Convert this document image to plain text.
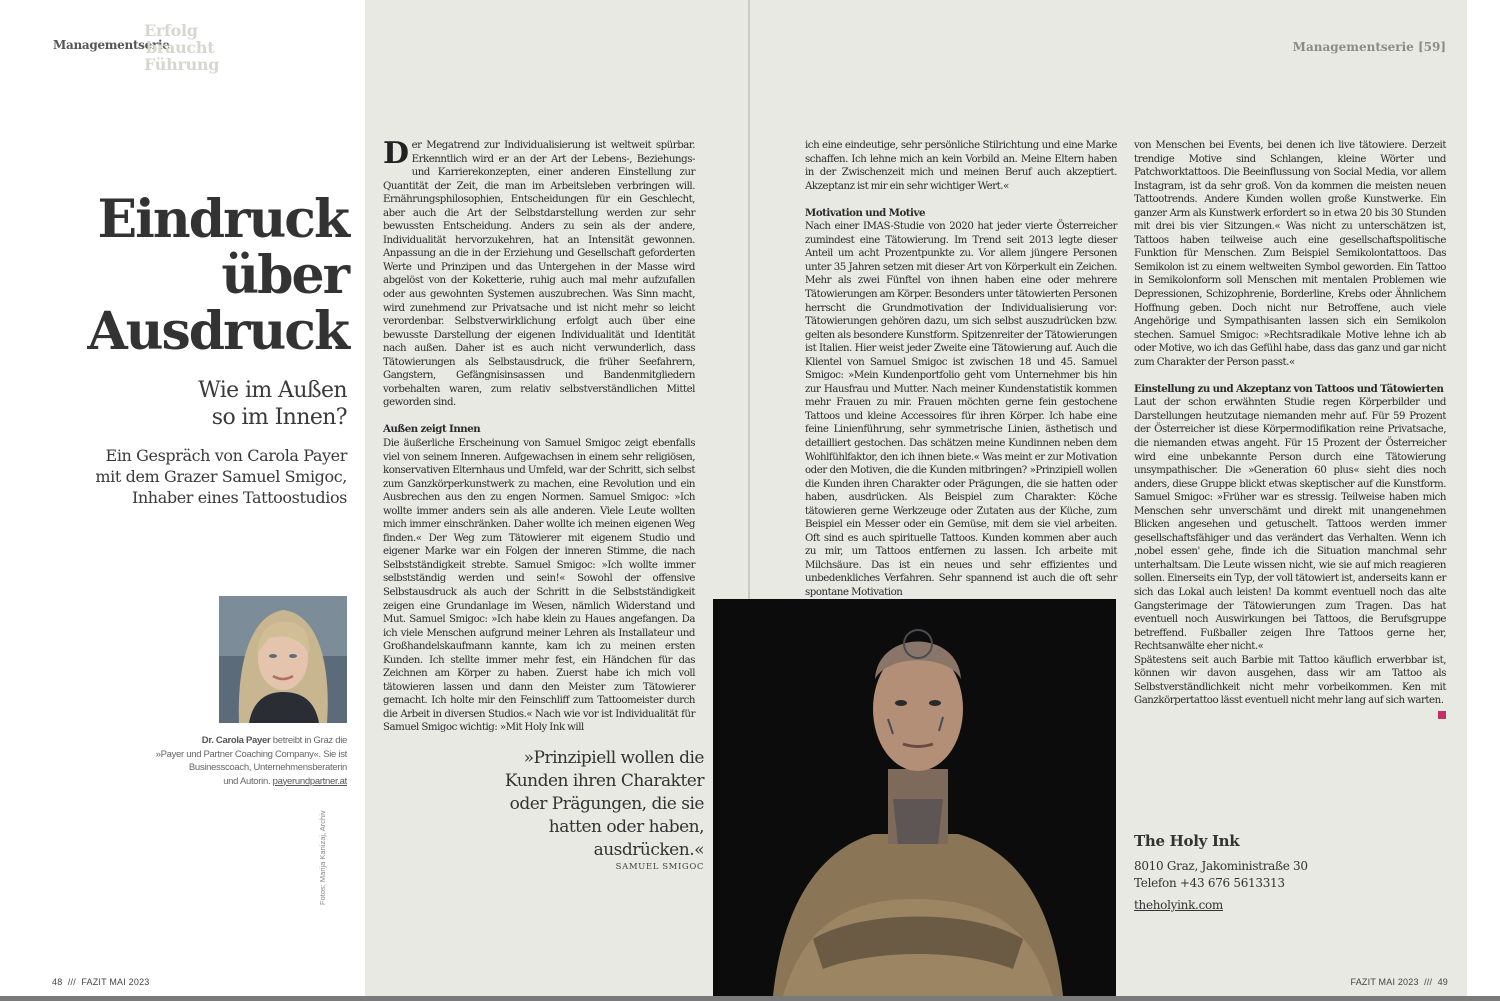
Managementserie
Erfolg
braucht
Führung
Managementserie [59]
Eindruck
über
Ausdruck
Wie im Außen
so im Innen?
Ein Gespräch von Carola Payer
mit dem Grazer Samuel Smigoc,
Inhaber eines Tattoostudios
Dr. Carola Payer betreibt in Graz die
»Payer und Partner Coaching Company«. Sie ist
Businesscoach, Unternehmensberaterin
und Autorin. payerundpartner.at
Fotos: Marija Kanizaj, Archiv

Der Megatrend zur Individualisierung ist weltweit spürbar. Erkenntlich wird er an der Art der Lebens-, Beziehungs- und Karrierekonzepten, einer anderen Einstellung zur Quantität der Zeit, die man im Arbeitsleben verbringen will. Ernährungsphilosophien, Entscheidungen für ein Geschlecht, aber auch die Art der Selbstdarstellung werden zur sehr bewussten Entscheidung. Anders zu sein als der andere, Individualität hervorzukehren, hat an Intensität gewonnen. Anpassung an die in der Erziehung und Gesellschaft geforderten Werte und Prinzipen und das Untergehen in der Masse wird abgelöst von der Koketterie, ruhig auch mal mehr aufzufallen oder aus gewohnten Systemen auszubrechen. Was Sinn macht, wird zunehmend zur Privatsache und ist nicht mehr so leicht verordenbar. Selbstverwirklichung erfolgt auch über eine bewusste Darstellung der eigenen Individualität und Identität nach außen. Daher ist es auch nicht verwunderlich, dass Tätowierungen als Selbstausdruck, die früher Seefahrern, Gangstern, Gefängnisinsassen und Bandenmitgliedern vorbehalten waren, zum relativ selbstverständlichen Mittel geworden sind.

Außen zeigt Innen

Die äußerliche Erscheinung von Samuel Smigoc zeigt ebenfalls viel von seinem Inneren. Aufgewachsen in einem sehr religiösen, konservativen Elternhaus und Umfeld, war der Schritt, sich selbst zum Ganzkörperkunstwerk zu machen, eine Revolution und ein Ausbrechen aus den zu engen Normen. Samuel Smigoc: »Ich wollte immer anders sein als alle anderen. Viele Leute wollten mich immer einschränken. Daher wollte ich meinen eigenen Weg finden.« Der Weg zum Tätowierer mit eigenem Studio und eigener Marke war ein Folgen der inneren Stimme, die nach Selbstständigkeit strebte. Samuel Smigoc: »Ich wollte immer selbstständig werden und sein!« Sowohl der offensive Selbstausdruck als auch der Schritt in die Selbstständigkeit zeigen eine Grundanlage im Wesen, nämlich Widerstand und Mut. Samuel Smigoc: »Ich habe klein zu Haues angefangen. Da ich viele Menschen aufgrund meiner Lehren als Installateur und Großhandelskaufmann kannte, kam ich zu meinen ersten Kunden. Ich stellte immer mehr fest, ein Händchen für das Zeichnen am Körper zu haben. Zuerst habe ich mich voll tätowieren lassen und dann den Meister zum Tätowierer gemacht. Ich holte mir den Feinschliff zum Tattoomeister durch die Arbeit in diversen Studios.« Nach wie vor ist Individualität für Samuel Smigoc wichtig: »Mit Holy Ink will

ich eine eindeutige, sehr persönliche Stilrichtung und eine Marke schaffen. Ich lehne mich an kein Vorbild an. Meine Eltern haben in der Zwischenzeit mich und meinen Beruf auch akzeptiert. Akzeptanz ist mir ein sehr wichtiger Wert.«

Motivation und Motive

Nach einer IMAS-Studie von 2020 hat jeder vierte Österreicher zumindest eine Tätowierung. Im Trend seit 2013 legte dieser Anteil um acht Prozentpunkte zu. Vor allem jüngere Personen unter 35 Jahren setzen mit dieser Art von Körperkult ein Zeichen. Mehr als zwei Fünftel von ihnen haben eine oder mehrere Tätowierungen am Körper. Besonders unter tätowierten Personen herrscht die Grundmotivation der Individualisierung vor: Tätowierungen gehören dazu, um sich selbst auszudrücken bzw. gelten als besondere Kunstform. Spitzenreiter der Tätowierungen ist Italien. Hier weist jeder Zweite eine Tätowierung auf. Auch die Klientel von Samuel Smigoc ist zwischen 18 und 45. Samuel Smigoc: »Mein Kundenportfolio geht vom Unternehmer bis hin zur Hausfrau und Mutter. Nach meiner Kundenstatistik kommen mehr Frauen zu mir. Frauen möchten gerne fein gestochene Tattoos und kleine Accessoires für ihren Körper. Ich habe eine feine Linienführung, sehr symmetrische Linien, ästhetisch und detailliert gestochen. Das schätzen meine Kundinnen neben dem Wohlfühlfaktor, den ich ihnen biete.« Was meint er zur Motivation oder den Motiven, die die Kunden mitbringen? »Prinzipiell wollen die Kunden ihren Charakter oder Prägungen, die sie hatten oder haben, ausdrücken. Als Beispiel zum Charakter: Köche tätowieren gerne Werkzeuge oder Zutaten aus der Küche, zum Beispiel ein Messer oder ein Gemüse, mit dem sie viel arbeiten. Oft sind es auch spirituelle Tattoos. Kunden kommen aber auch zu mir, um Tattoos entfernen zu lassen. Ich arbeite mit Milchsäure. Das ist ein neues und sehr effizientes und unbedenkliches Verfahren. Sehr spannend ist auch die oft sehr spontane Motivation

von Menschen bei Events, bei denen ich live tätowiere. Derzeit trendige Motive sind Schlangen, kleine Wörter und Patchworktattoos. Die Beeinflussung von Social Media, vor allem Instagram, ist da sehr groß. Von da kommen die meisten neuen Tattootrends. Andere Kunden wollen große Kunstwerke. Ein ganzer Arm als Kunstwerk erfordert so in etwa 20 bis 30 Stunden mit drei bis vier Sitzungen.« Was nicht zu unterschätzen ist, Tattoos haben teilweise auch eine gesellschaftspolitische Funktion für Menschen. Zum Beispiel Semikolontattoos. Das Semikolon ist zu einem weltweiten Symbol geworden. Ein Tattoo in Semikolonform soll Menschen mit mentalen Problemen wie Depressionen, Schizophrenie, Borderline, Krebs oder Ähnlichem Hoffnung geben. Doch nicht nur Betroffene, auch viele Angehörige und Sympathisanten lassen sich ein Semikolon stechen. Samuel Smigoc: »Rechtsradikale Motive lehne ich ab oder Motive, wo ich das Gefühl habe, dass das ganz und gar nicht zum Charakter der Person passt.«

Einstellung zu und Akzeptanz von Tattoos und Tätowierten

Laut der schon erwähnten Studie regen Körperbilder und Darstellungen heutzutage niemanden mehr auf. Für 59 Prozent der Österreicher ist diese Körpermodifikation reine Privatsache, die niemanden etwas angeht. Für 15 Prozent der Österreicher wird eine unbekannte Person durch eine Tätowierung unsympathischer. Die »Generation 60 plus« sieht dies noch anders, diese Gruppe blickt etwas skeptischer auf die Kunstform. Samuel Smigoc: »Früher war es stressig. Teilweise haben mich Menschen sehr unverschämt und direkt mit unangenehmen Blicken angesehen und getuschelt. Tattoos werden immer gesellschaftsfähiger und das verändert das Verhalten. Wenn ich ‚nobel essen' gehe, finde ich die Situation manchmal sehr unterhaltsam. Die Leute wissen nicht, wie sie auf mich reagieren sollen. Einerseits ein Typ, der voll tätowiert ist, anderseits kann er sich das Lokal auch leisten! Da kommt eventuell noch das alte Gangsterimage der Tätowierungen zum Tragen. Das hat eventuell noch Auswirkungen bei Tattoos, die Berufsgruppe betreffend. Fußballer zeigen Ihre Tattoos gerne her, Rechtsanwälte eher nicht.«

Spätestens seit auch Barbie mit Tattoo käuflich erwerbbar ist, können wir davon ausgehen, dass wir am Tattoo als Selbstverständlichkeit nicht mehr vorbeikommen. Ken mit Ganzkörpertattoo lässt eventuell nicht mehr lang auf sich warten.

»Prinzipiell wollen die
Kunden ihren Charakter
oder Prägungen, die sie
hatten oder haben,
ausdrücken.«
SAMUEL SMIGOC
The Holy Ink
8010 Graz, Jakoministraße 30
Telefon +43 676 5613313
theholyink.com
48  ///  FAZIT MAI 2023	FAZIT MAI 2023  ///  49
